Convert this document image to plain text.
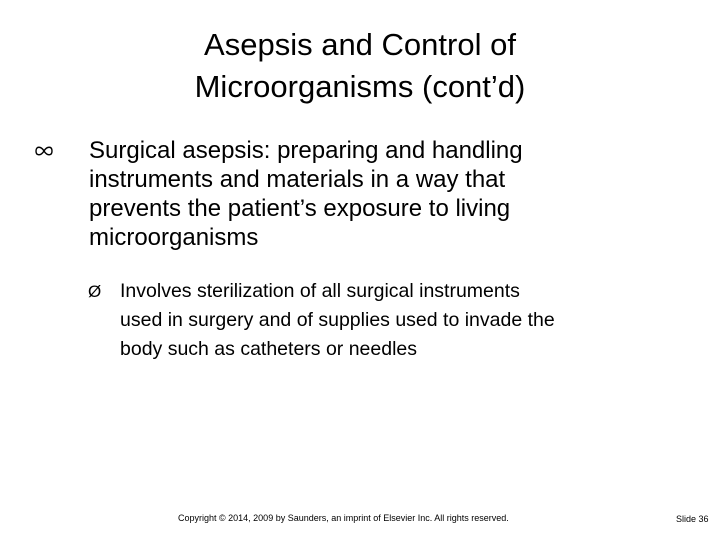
Asepsis and Control of
Microorganisms (cont’d)
Surgical asepsis: preparing and handling
instruments and materials in a way that
prevents the patient’s exposure to living
microorganisms
Ø Involves sterilization of all surgical instruments
used in surgery and of supplies used to invade the
body such as catheters or needles
Copyright © 2014, 2009 by Saunders, an imprint of Elsevier Inc. All rights reserved.	Slide 36
